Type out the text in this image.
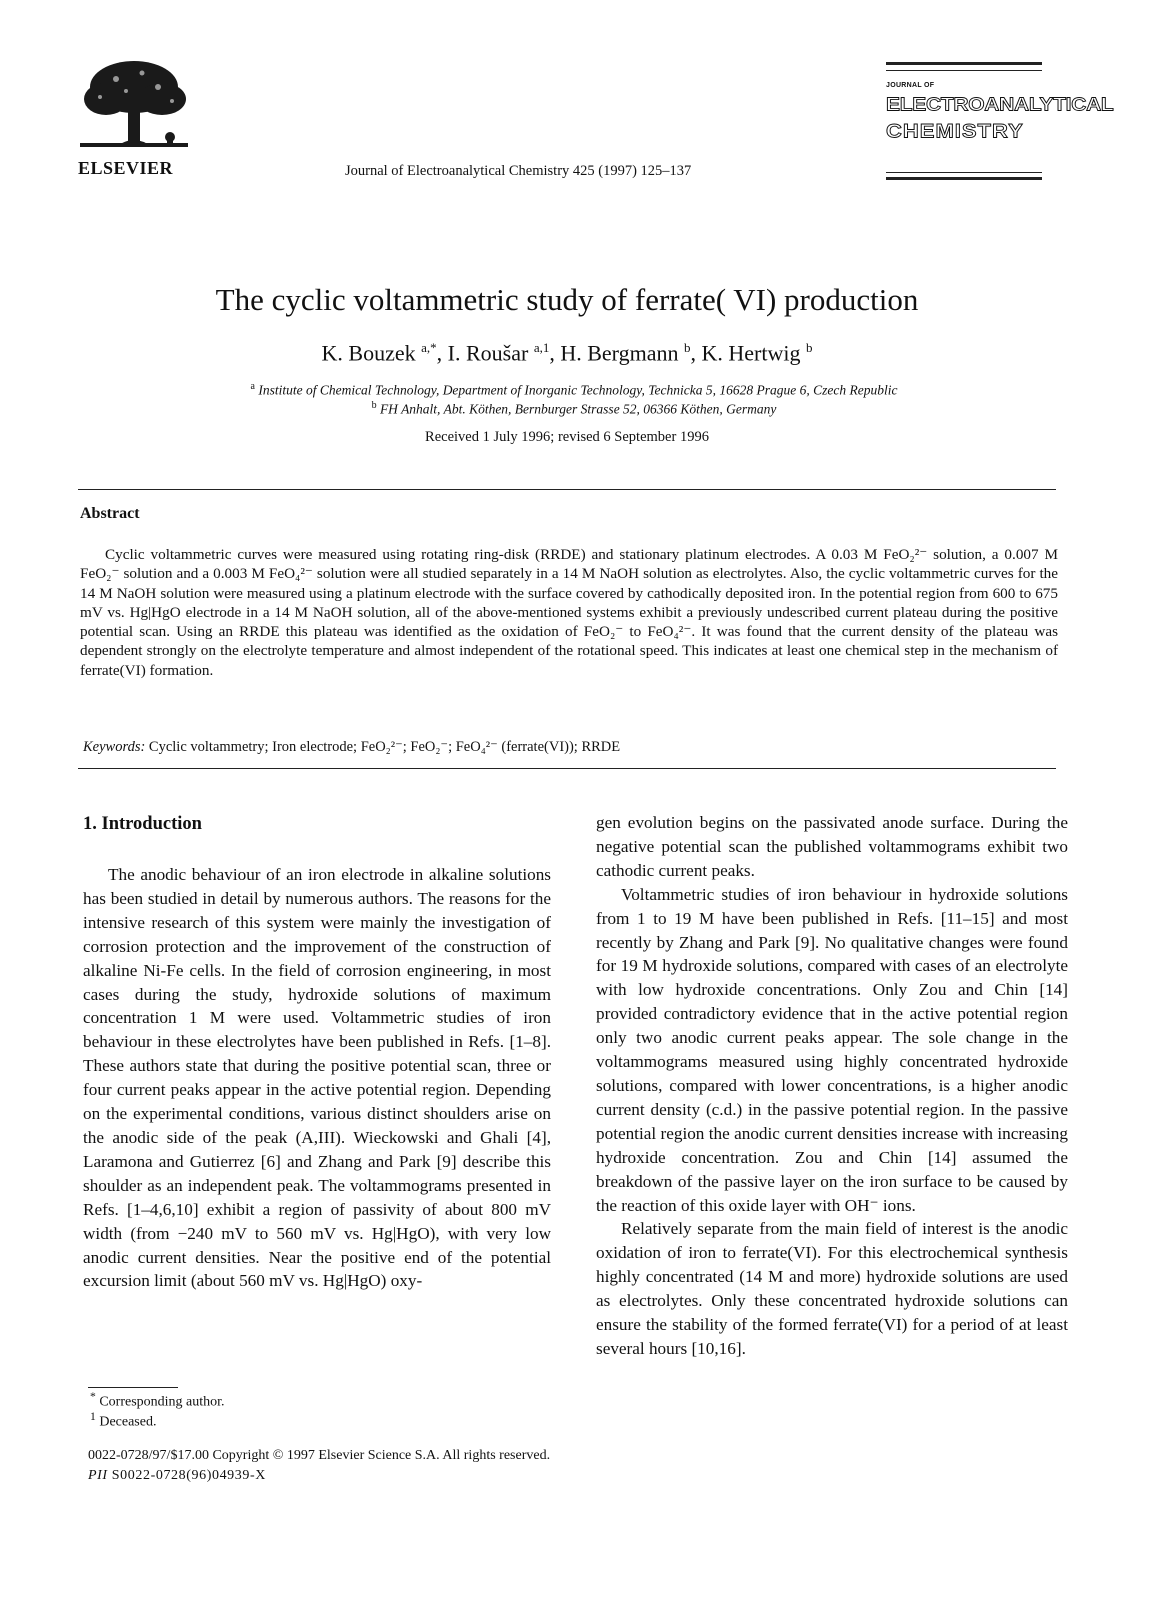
ELSEVIER	Journal of Electroanalytical Chemistry 425 (1997) 125–137
JOURNAL OF
ELECTROANALYTICAL
CHEMISTRY
The cyclic voltammetric study of ferrate( VI) production
K. Bouzek $^{a,*}$, I. Roušar $^{a,1}$, H. Bergmann $^b$, K. Hertwig $^b$
$^a$ Institute of Chemical Technology, Department of Inorganic Technology, Technicka 5, 16628 Prague 6, Czech Republic
$^b$ FH Anhalt, Abt. Köthen, Bernburger Strasse 52, 06366 Köthen, Germany
Received 1 July 1996; revised 6 September 1996
Abstract
Cyclic voltammetric curves were measured using rotating ring-disk (RRDE) and stationary platinum electrodes. A 0.03 M FeO₂²⁻ solution, a 0.007 M FeO₂⁻ solution and a 0.003 M FeO₄²⁻ solution were all studied separately in a 14 M NaOH solution as electrolytes. Also, the cyclic voltammetric curves for the 14 M NaOH solution were measured using a platinum electrode with the surface covered by cathodically deposited iron. In the potential region from 600 to 675 mV vs. Hg|HgO electrode in a 14 M NaOH solution, all of the above-mentioned systems exhibit a previously undescribed current plateau during the positive potential scan. Using an RRDE this plateau was identified as the oxidation of FeO₂⁻ to FeO₄²⁻. It was found that the current density of the plateau was dependent strongly on the electrolyte temperature and almost independent of the rotational speed. This indicates at least one chemical step in the mechanism of ferrate(VI) formation.
Keywords: Cyclic voltammetry; Iron electrode; FeO₂²⁻; FeO₂⁻; FeO₄²⁻ (ferrate(VI)); RRDE
1. Introduction
The anodic behaviour of an iron electrode in alkaline solutions has been studied in detail by numerous authors. The reasons for the intensive research of this system were mainly the investigation of corrosion protection and the improvement of the construction of alkaline Ni-Fe cells. In the field of corrosion engineering, in most cases during the study, hydroxide solutions of maximum concentration 1 M were used. Voltammetric studies of iron behaviour in these electrolytes have been published in Refs. [1–8]. These authors state that during the positive potential scan, three or four current peaks appear in the active potential region. Depending on the experimental conditions, various distinct shoulders arise on the anodic side of the peak (A,III). Wieckowski and Ghali [4], Laramona and Gutierrez [6] and Zhang and Park [9] describe this shoulder as an independent peak. The voltammograms presented in Refs. [1–4,6,10] exhibit a region of passivity of about 800 mV width (from −240 mV to 560 mV vs. Hg|HgO), with very low anodic current densities. Near the positive end of the potential excursion limit (about 560 mV vs. Hg|HgO) oxy-

gen evolution begins on the passivated anode surface. During the negative potential scan the published voltammograms exhibit two cathodic current peaks.

Voltammetric studies of iron behaviour in hydroxide solutions from 1 to 19 M have been published in Refs. [11–15] and most recently by Zhang and Park [9]. No qualitative changes were found for 19 M hydroxide solutions, compared with cases of an electrolyte with low hydroxide concentrations. Only Zou and Chin [14] provided contradictory evidence that in the active potential region only two anodic current peaks appear. The sole change in the voltammograms measured using highly concentrated hydroxide solutions, compared with lower concentrations, is a higher anodic current density (c.d.) in the passive potential region. In the passive potential region the anodic current densities increase with increasing hydroxide concentration. Zou and Chin [14] assumed the breakdown of the passive layer on the iron surface to be caused by the reaction of this oxide layer with OH⁻ ions.

Relatively separate from the main field of interest is the anodic oxidation of iron to ferrate(VI). For this electrochemical synthesis highly concentrated (14 M and more) hydroxide solutions are used as electrolytes. Only these concentrated hydroxide solutions can ensure the stability of the formed ferrate(VI) for a period of at least several hours [10,16].

* Corresponding author.
$^1$ Deceased.
0022-0728/97/$17.00 Copyright © 1997 Elsevier Science S.A. All rights reserved.
PII S0022-0728(96)04939-X
